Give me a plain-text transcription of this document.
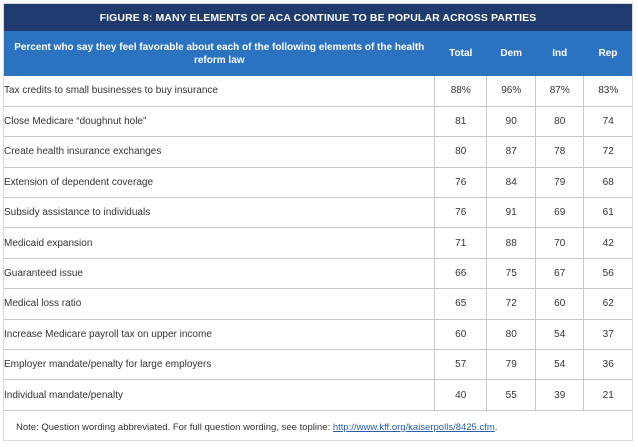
FIGURE 8: MANY ELEMENTS OF ACA CONTINUE TO BE POPULAR ACROSS PARTIES
Percent who say they feel favorable about each of the following elements of the health reform law	Total	Dem	Ind	Rep
Tax credits to small businesses to buy insurance	88%	96%	87%	83%
Close Medicare “doughnut hole”	81	90	80	74
Create health insurance exchanges	80	87	78	72
Extension of dependent coverage	76	84	79	68
Subsidy assistance to individuals	76	91	69	61
Medicaid expansion	71	88	70	42
Guaranteed issue	66	75	67	56
Medical loss ratio	65	72	60	62
Increase Medicare payroll tax on upper income	60	80	54	37
Employer mandate/penalty for large employers	57	79	54	36
Individual mandate/penalty	40	55	39	21
Note: Question wording abbreviated. For full question wording, see topline: http://www.kff.org/kaiserpolls/8425.cfm.
